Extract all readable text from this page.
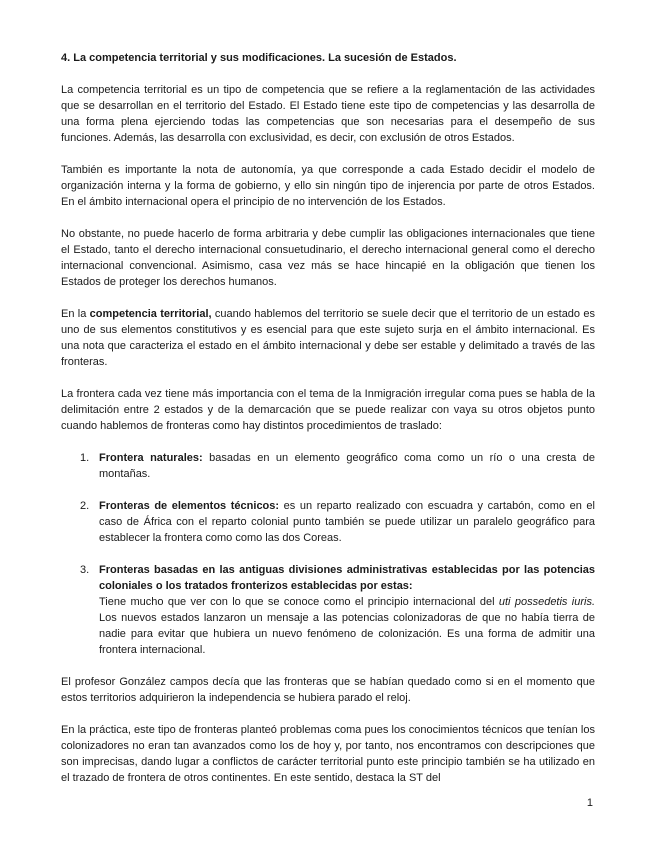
4. La competencia territorial y sus modificaciones. La sucesión de Estados.

La competencia territorial es un tipo de competencia que se refiere a la reglamentación de las actividades que se desarrollan en el territorio del Estado. El Estado tiene este tipo de competencias y las desarrolla de una forma plena ejerciendo todas las competencias que son necesarias para el desempeño de sus funciones. Además, las desarrolla con exclusividad, es decir, con exclusión de otros Estados.

También es importante la nota de autonomía, ya que corresponde a cada Estado decidir el modelo de organización interna y la forma de gobierno, y ello sin ningún tipo de injerencia por parte de otros Estados. En el ámbito internacional opera el principio de no intervención de los Estados.

No obstante, no puede hacerlo de forma arbitraria y debe cumplir las obligaciones internacionales que tiene el Estado, tanto el derecho internacional consuetudinario, el derecho internacional general como el derecho internacional convencional. Asimismo, casa vez más se hace hincapié en la obligación que tienen los Estados de proteger los derechos humanos.

En la competencia territorial, cuando hablemos del territorio se suele decir que el territorio de un estado es uno de sus elementos constitutivos y es esencial para que este sujeto surja en el ámbito internacional. Es una nota que caracteriza el estado en el ámbito internacional y debe ser estable y delimitado a través de las fronteras.

La frontera cada vez tiene más importancia con el tema de la Inmigración irregular coma pues se habla de la delimitación entre 2 estados y de la demarcación que se puede realizar con vaya su otros objetos punto cuando hablemos de fronteras como hay distintos procedimientos de traslado:

1. Frontera naturales: basadas en un elemento geográfico coma como un río o una cresta de montañas.
2. Fronteras de elementos técnicos: es un reparto realizado con escuadra y cartabón, como en el caso de África con el reparto colonial punto también se puede utilizar un paralelo geográfico para establecer la frontera como como las dos Coreas.
3. Fronteras basadas en las antiguas divisiones administrativas establecidas por las potencias coloniales o los tratados fronterizos establecidas por estas:
Tiene mucho que ver con lo que se conoce como el principio internacional del uti possedetis iuris. Los nuevos estados lanzaron un mensaje a las potencias colonizadoras de que no había tierra de nadie para evitar que hubiera un nuevo fenómeno de colonización. Es una forma de admitir una frontera internacional.

El profesor González campos decía que las fronteras que se habían quedado como si en el momento que estos territorios adquirieron la independencia se hubiera parado el reloj.

En la práctica, este tipo de fronteras planteó problemas coma pues los conocimientos técnicos que tenían los colonizadores no eran tan avanzados como los de hoy y, por tanto, nos encontramos con descripciones que son imprecisas, dando lugar a conflictos de carácter territorial punto este principio también se ha utilizado en el trazado de frontera de otros continentes. En este sentido, destaca la ST del

1
